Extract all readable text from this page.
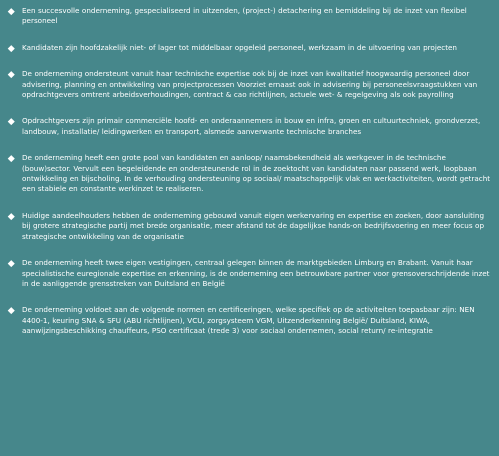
Een succesvolle onderneming, gespecialiseerd in uitzenden, (project-) detachering en bemiddeling bij de inzet van flexibel personeel
Kandidaten zijn hoofdzakelijk niet- of lager tot middelbaar opgeleid personeel, werkzaam in de uitvoering van projecten
De onderneming ondersteunt vanuit haar technische expertise ook bij de inzet van kwalitatief hoogwaardig personeel door advisering, planning en ontwikkeling van projectprocessen Voorziet ernaast ook in advisering bij personeelsvraagstukken van opdrachtgevers omtrent arbeidsverhoudingen, contract & cao richtlijnen, actuele wet- & regelgeving als ook payrolling
Opdrachtgevers zijn primair commerciële hoofd- en onderaannemers in bouw en infra, groen en cultuurtechniek, grondverzet, landbouw, installatie/ leidingwerken en transport, alsmede aanverwante technische branches
De onderneming heeft een grote pool van kandidaten en aanloop/ naamsbekendheid als werkgever in de technische (bouw)sector. Vervult een begeleidende en ondersteunende rol in de zoektocht van kandidaten naar passend werk, loopbaan ontwikkeling en bijscholing. In de verhouding ondersteuning op sociaal/ maatschappelijk vlak en werkactiviteiten, wordt getracht een stabiele en constante werkinzet te realiseren.
Huidige aandeelhouders hebben de onderneming gebouwd vanuit eigen werkervaring en expertise en zoeken, door aansluiting bij grotere strategische partij met brede organisatie, meer afstand tot de dagelijkse hands-on bedrijfsvoering en meer focus op strategische ontwikkeling van de organisatie
De onderneming heeft twee eigen vestigingen, centraal gelegen binnen de marktgebieden Limburg en Brabant. Vanuit haar specialistische euregionale expertise en erkenning, is de onderneming een betrouwbare partner voor grensoverschrijdende inzet in de aanliggende grensstreken van Duitsland en België
De onderneming voldoet aan de volgende normen en certificeringen, welke specifiek op de activiteiten toepasbaar zijn: NEN 4400-1, keuring SNA & SFU (ABU richtlijnen), VCU, zorgsysteem VGM, Uitzenderkenning België/ Duitsland, KIWA, aanwijzingsbeschikking chauffeurs, PSO certificaat (trede 3) voor sociaal ondernemen, social return/ re-integratie
